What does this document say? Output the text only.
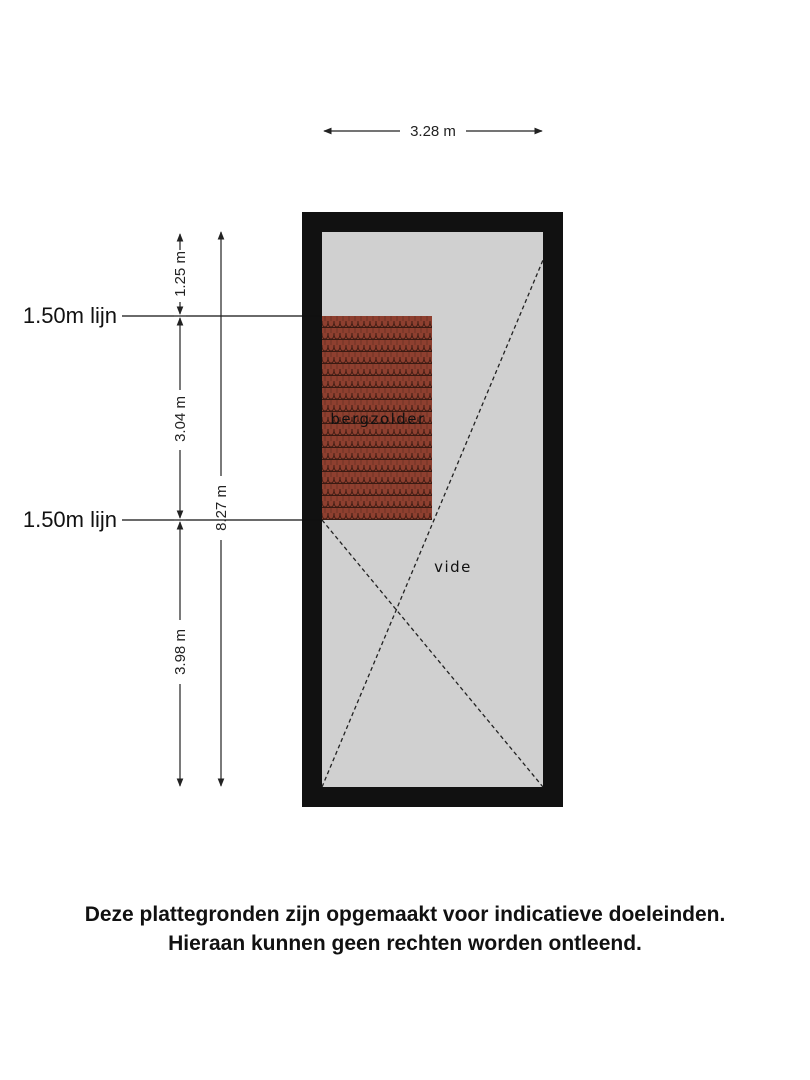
bergzolder
vide
3.28 m
1.50m lijn
1.50m lijn
1.25 m
3.04 m
3.98 m
8.27 m
Deze plattegronden zijn opgemaakt voor indicatieve doeleinden.
Hieraan kunnen geen rechten worden ontleend.
